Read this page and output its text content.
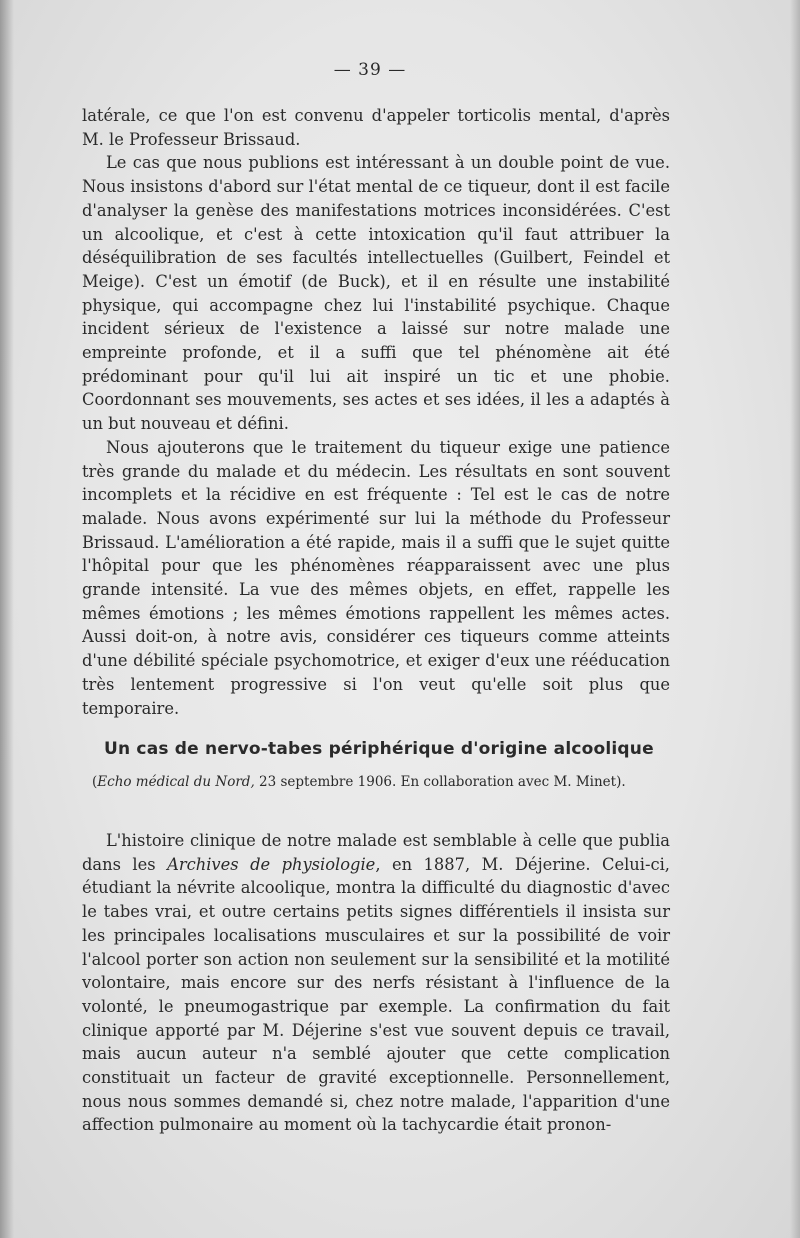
— 39 —

latérale, ce que l'on est convenu d'appeler torticolis mental, d'après M. le Professeur Brissaud.

Le cas que nous publions est intéressant à un double point de vue. Nous insistons d'abord sur l'état mental de ce tiqueur, dont il est facile d'analyser la genèse des manifestations motrices inconsidérées. C'est un alcoolique, et c'est à cette intoxication qu'il faut attribuer la déséquilibration de ses facultés intellectuelles (Guilbert, Feindel et Meige). C'est un émotif (de Buck), et il en résulte une instabilité physique, qui accompagne chez lui l'instabilité psychique. Chaque incident sérieux de l'existence a laissé sur notre malade une empreinte profonde, et il a suffi que tel phénomène ait été prédominant pour qu'il lui ait inspiré un tic et une phobie. Coordonnant ses mouvements, ses actes et ses idées, il les a adaptés à un but nouveau et défini.

Nous ajouterons que le traitement du tiqueur exige une patience très grande du malade et du médecin. Les résultats en sont souvent incomplets et la récidive en est fréquente : Tel est le cas de notre malade. Nous avons expérimenté sur lui la méthode du Professeur Brissaud. L'amélioration a été rapide, mais il a suffi que le sujet quitte l'hôpital pour que les phénomènes réapparaissent avec une plus grande intensité. La vue des mêmes objets, en effet, rappelle les mêmes émotions ; les mêmes émotions rappellent les mêmes actes. Aussi doit-on, à notre avis, considérer ces tiqueurs comme atteints d'une débilité spéciale psychomotrice, et exiger d'eux une rééducation très lentement progressive si l'on veut qu'elle soit plus que temporaire.

Un cas de nervo-tabes périphérique d'origine alcoolique
(Echo médical du Nord, 23 septembre 1906. En collaboration avec M. Minet).

L'histoire clinique de notre malade est semblable à celle que publia dans les Archives de physiologie, en 1887, M. Déjerine. Celui-ci, étudiant la névrite alcoolique, montra la difficulté du diagnostic d'avec le tabes vrai, et outre certains petits signes différentiels il insista sur les principales localisations musculaires et sur la possibilité de voir l'alcool porter son action non seulement sur la sensibilité et la motilité volontaire, mais encore sur des nerfs résistant à l'influence de la volonté, le pneumogastrique par exemple. La confirmation du fait clinique apporté par M. Déjerine s'est vue souvent depuis ce travail, mais aucun auteur n'a semblé ajouter que cette complication constituait un facteur de gravité exceptionnelle. Personnellement, nous nous sommes demandé si, chez notre malade, l'apparition d'une affection pulmonaire au moment où la tachycardie était pronon-
